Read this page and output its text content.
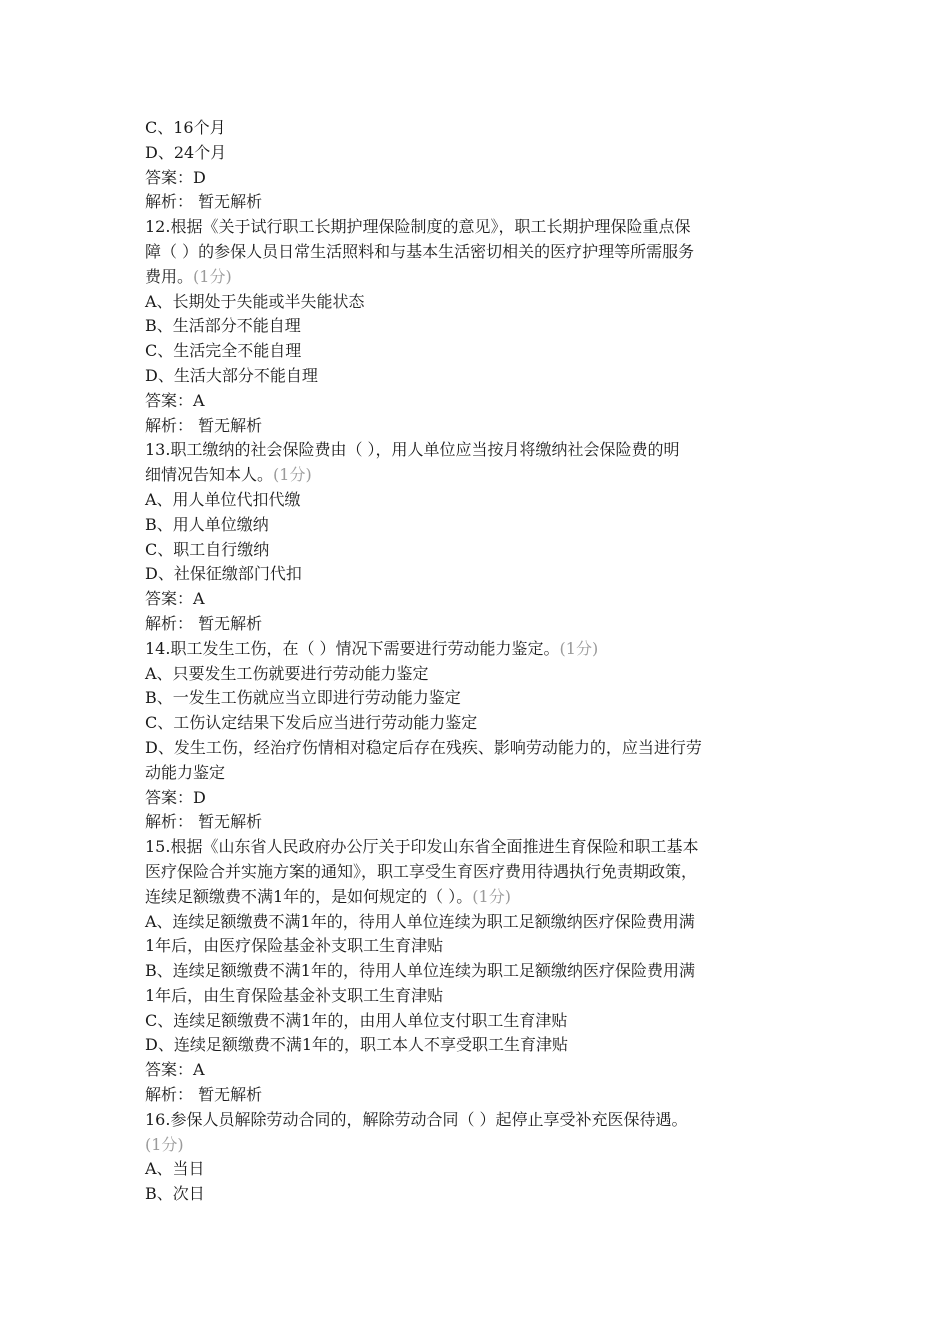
C、16个月
D、24个月
答案：D
解析： 暂无解析
12.根据《关于试行职工长期护理保险制度的意见》，职工长期护理保险重点保
障（ ）的参保人员日常生活照料和与基本生活密切相关的医疗护理等所需服务
费用。(1分)
A、长期处于失能或半失能状态
B、生活部分不能自理
C、生活完全不能自理
D、生活大部分不能自理
答案：A
解析： 暂无解析
13.职工缴纳的社会保险费由（ ），用人单位应当按月将缴纳社会保险费的明
细情况告知本人。(1分)
A、用人单位代扣代缴
B、用人单位缴纳
C、职工自行缴纳
D、社保征缴部门代扣
答案：A
解析： 暂无解析
14.职工发生工伤，在（ ）情况下需要进行劳动能力鉴定。(1分)
A、只要发生工伤就要进行劳动能力鉴定
B、一发生工伤就应当立即进行劳动能力鉴定
C、工伤认定结果下发后应当进行劳动能力鉴定
D、发生工伤，经治疗伤情相对稳定后存在残疾、影响劳动能力的，应当进行劳
动能力鉴定
答案：D
解析： 暂无解析
15.根据《山东省人民政府办公厅关于印发山东省全面推进生育保险和职工基本
医疗保险合并实施方案的通知》，职工享受生育医疗费用待遇执行免责期政策，
连续足额缴费不满1年的，是如何规定的（ ）。(1分)
A、连续足额缴费不满1年的，待用人单位连续为职工足额缴纳医疗保险费用满
1年后，由医疗保险基金补支职工生育津贴
B、连续足额缴费不满1年的，待用人单位连续为职工足额缴纳医疗保险费用满
1年后，由生育保险基金补支职工生育津贴
C、连续足额缴费不满1年的，由用人单位支付职工生育津贴
D、连续足额缴费不满1年的，职工本人不享受职工生育津贴
答案：A
解析： 暂无解析
16.参保人员解除劳动合同的，解除劳动合同（ ）起停止享受补充医保待遇。
(1分)
A、当日
B、次日
